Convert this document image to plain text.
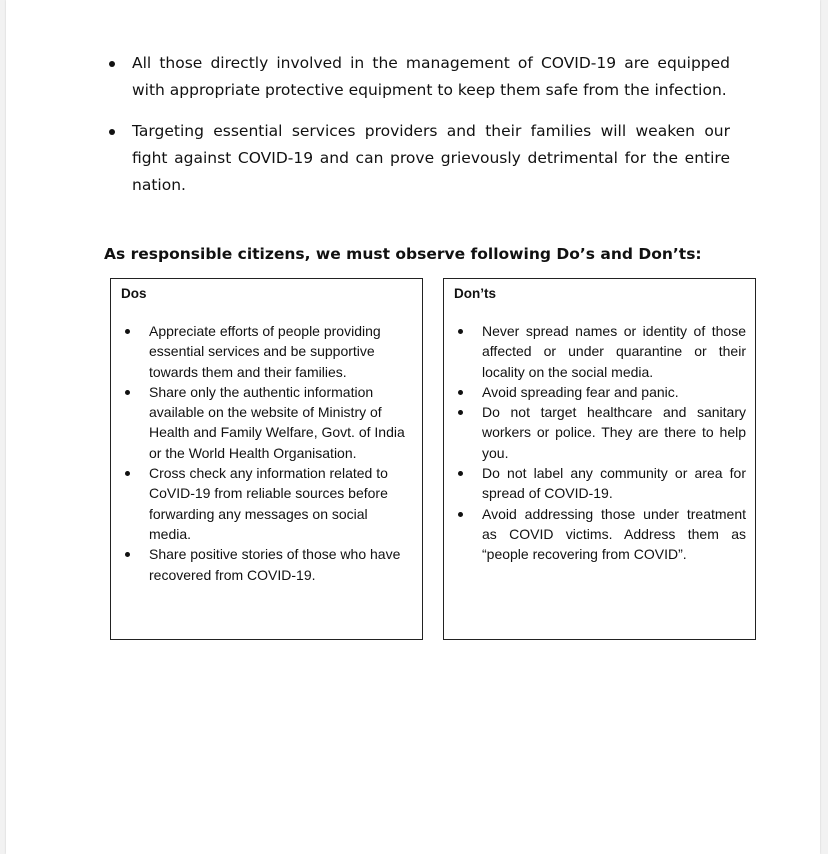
All those directly involved in the management of COVID-19 are equipped with appropriate protective equipment to keep them safe from the infection.
Targeting essential services providers and their families will weaken our fight against COVID-19 and can prove grievously detrimental for the entire nation.
As responsible citizens, we must observe following Do’s and Don’ts:
Dos
Appreciate efforts of people providing essential services and be supportive towards them and their families.
Share only the authentic information available on the website of Ministry of Health and Family Welfare, Govt. of India or the World Health Organisation.
Cross check any information related to CoVID-19 from reliable sources before forwarding any messages on social media.
Share positive stories of those who have recovered from COVID-19.
Don’ts
Never spread names or identity of those affected or under quarantine or their locality on the social media.
Avoid spreading fear and panic.
Do not target healthcare and sanitary workers or police. They are there to help you.
Do not label any community or area for spread of COVID-19.
Avoid addressing those under treatment as COVID victims. Address them as “people recovering from COVID”.
